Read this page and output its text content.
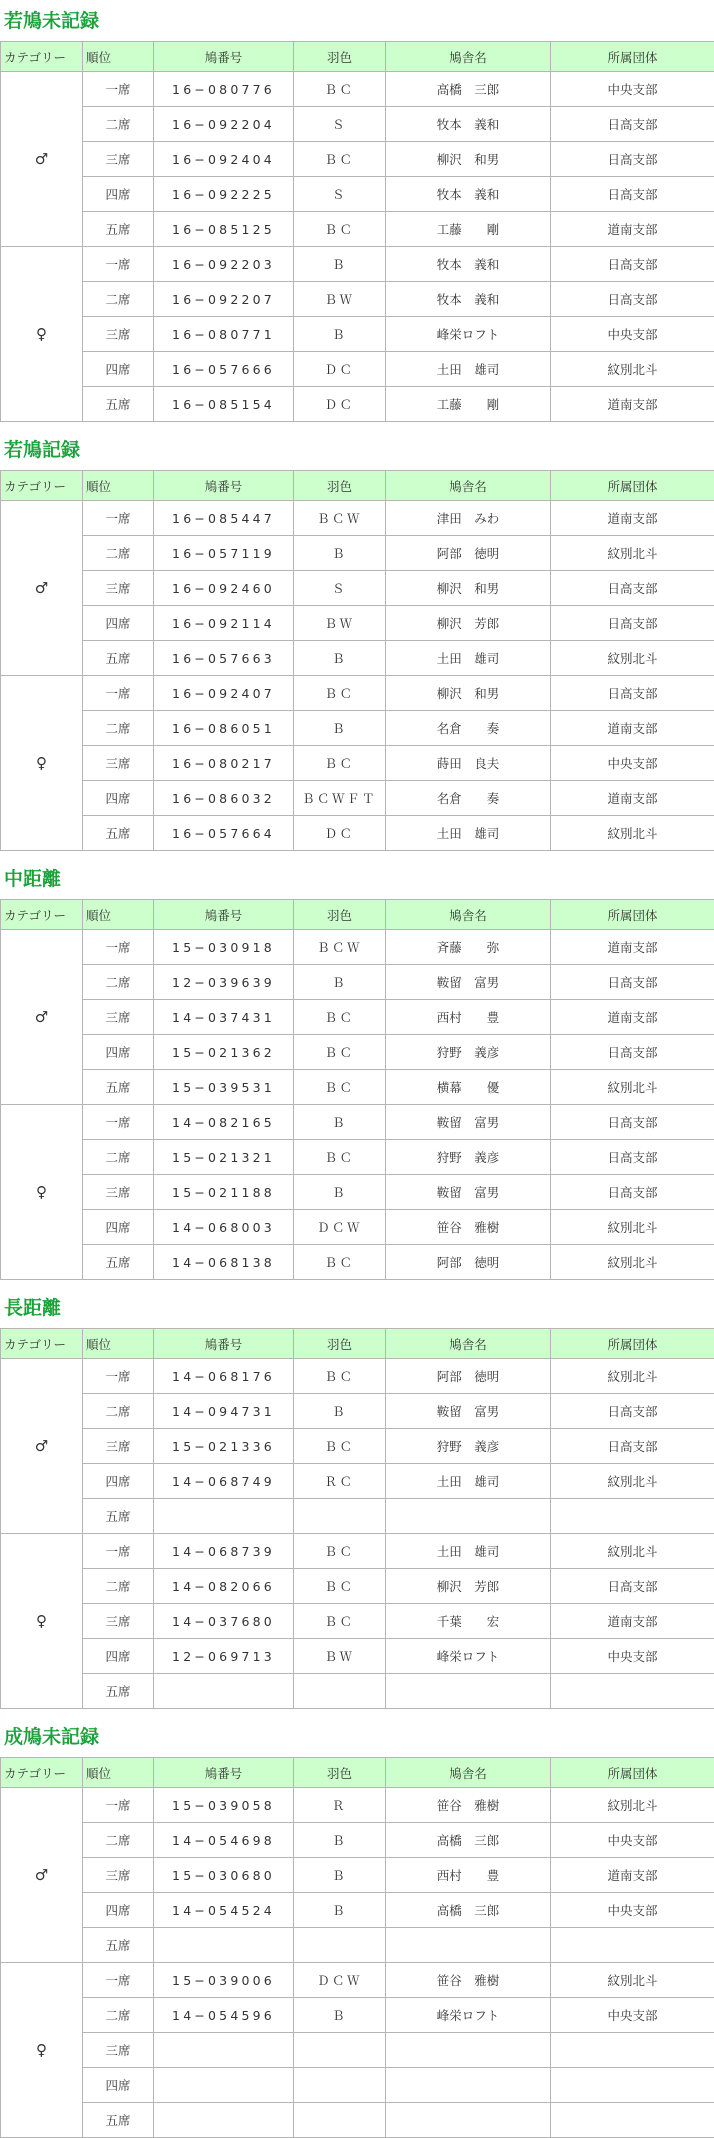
若鳩未記録
カテゴリー	順位	鳩番号	羽色	鳩舎名	所属団体
♂	一席	16−080776	ＢＣ	高橋　三郎	中央支部
	二席	16−092204	Ｓ	牧本　義和	日高支部
	三席	16−092404	ＢＣ	柳沢　和男	日高支部
	四席	16−092225	Ｓ	牧本　義和	日高支部
	五席	16−085125	ＢＣ	工藤　　剛	道南支部
♀	一席	16−092203	Ｂ	牧本　義和	日高支部
	二席	16−092207	ＢＷ	牧本　義和	日高支部
	三席	16−080771	Ｂ	峰栄ロフト	中央支部
	四席	16−057666	ＤＣ	土田　雄司	紋別北斗
	五席	16−085154	ＤＣ	工藤　　剛	道南支部
若鳩記録
カテゴリー	順位	鳩番号	羽色	鳩舎名	所属団体
♂	一席	16−085447	ＢＣＷ	津田　みわ	道南支部
	二席	16−057119	Ｂ	阿部　徳明	紋別北斗
	三席	16−092460	Ｓ	柳沢　和男	日高支部
	四席	16−092114	ＢＷ	柳沢　芳郎	日高支部
	五席	16−057663	Ｂ	土田　雄司	紋別北斗
♀	一席	16−092407	ＢＣ	柳沢　和男	日高支部
	二席	16−086051	Ｂ	名倉　　奏	道南支部
	三席	16−080217	ＢＣ	蒔田　良夫	中央支部
	四席	16−086032	ＢＣＷＦＴ	名倉　　奏	道南支部
	五席	16−057664	ＤＣ	土田　雄司	紋別北斗
中距離
カテゴリー	順位	鳩番号	羽色	鳩舎名	所属団体
♂	一席	15−030918	ＢＣＷ	斉藤　　弥	道南支部
	二席	12−039639	Ｂ	鞍留　富男	日高支部
	三席	14−037431	ＢＣ	西村　　豊	道南支部
	四席	15−021362	ＢＣ	狩野　義彦	日高支部
	五席	15−039531	ＢＣ	横幕　　優	紋別北斗
♀	一席	14−082165	Ｂ	鞍留　富男	日高支部
	二席	15−021321	ＢＣ	狩野　義彦	日高支部
	三席	15−021188	Ｂ	鞍留　富男	日高支部
	四席	14−068003	ＤＣＷ	笹谷　雅樹	紋別北斗
	五席	14−068138	ＢＣ	阿部　徳明	紋別北斗
長距離
カテゴリー	順位	鳩番号	羽色	鳩舎名	所属団体
♂	一席	14−068176	ＢＣ	阿部　徳明	紋別北斗
	二席	14−094731	Ｂ	鞍留　富男	日高支部
	三席	15−021336	ＢＣ	狩野　義彦	日高支部
	四席	14−068749	ＲＣ	土田　雄司	紋別北斗
	五席				
♀	一席	14−068739	ＢＣ	土田　雄司	紋別北斗
	二席	14−082066	ＢＣ	柳沢　芳郎	日高支部
	三席	14−037680	ＢＣ	千葉　　宏	道南支部
	四席	12−069713	ＢＷ	峰栄ロフト	中央支部
	五席				
成鳩未記録
カテゴリー	順位	鳩番号	羽色	鳩舎名	所属団体
♂	一席	15−039058	Ｒ	笹谷　雅樹	紋別北斗
	二席	14−054698	Ｂ	高橋　三郎	中央支部
	三席	15−030680	Ｂ	西村　　豊	道南支部
	四席	14−054524	Ｂ	高橋　三郎	中央支部
	五席				
♀	一席	15−039006	ＤＣＷ	笹谷　雅樹	紋別北斗
	二席	14−054596	Ｂ	峰栄ロフト	中央支部
	三席				
	四席				
	五席				
